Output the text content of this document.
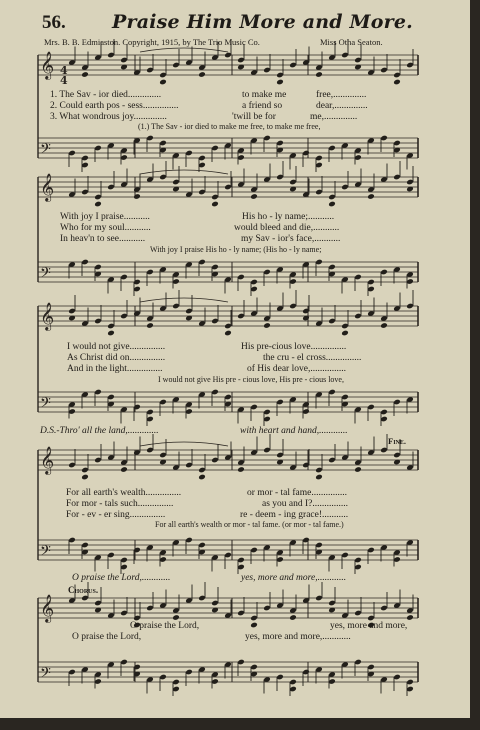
56. Praise Him More and More.
Mrs. B. B. Edmiaston. Copyright, 1915, by The Trio Music Co.	Miss Otha Seaton.
𝄞
𝄢
𝄞
𝄢
𝄞
𝄢
𝄞
𝄢
𝄞
𝄢
4
4
1. The Sav - ior died..............	to make me	free,..............
2. Could earth pos - sess...............	a friend so	dear,..............
3. What wondrous joy..............	'twill be for	me,..............
(1.) The Sav - ior died to make me free, to make me free,
With joy I praise...........	His ho - ly name;...........
Who for my soul...........	would bleed and die,...........
In heav'n to see...........	my Sav - ior's face,...........
With joy I praise His ho - ly name; (His ho - ly name;
I would not give...............	His pre-cious love...............
As Christ did on...............	the cru - el cross...............
And in the light...............	of His dear love,...............
I would not give His pre - cious love, His pre - cious love,
D.S.-Thro' all the land,.............	with heart and hand,............
Fine.
For all earth's wealth...............	or mor - tal fame...............
For mor - tals such...............	as you and I?...............
For - ev - er sing...............	re - deem - ing grace!...........
For all earth's wealth or mor - tal fame. (or mor - tal fame.)
O praise the Lord,............	yes, more and more,............
Chorus.
O praise the Lord,	yes, more and more,
O praise the Lord,	yes, more and more,............
